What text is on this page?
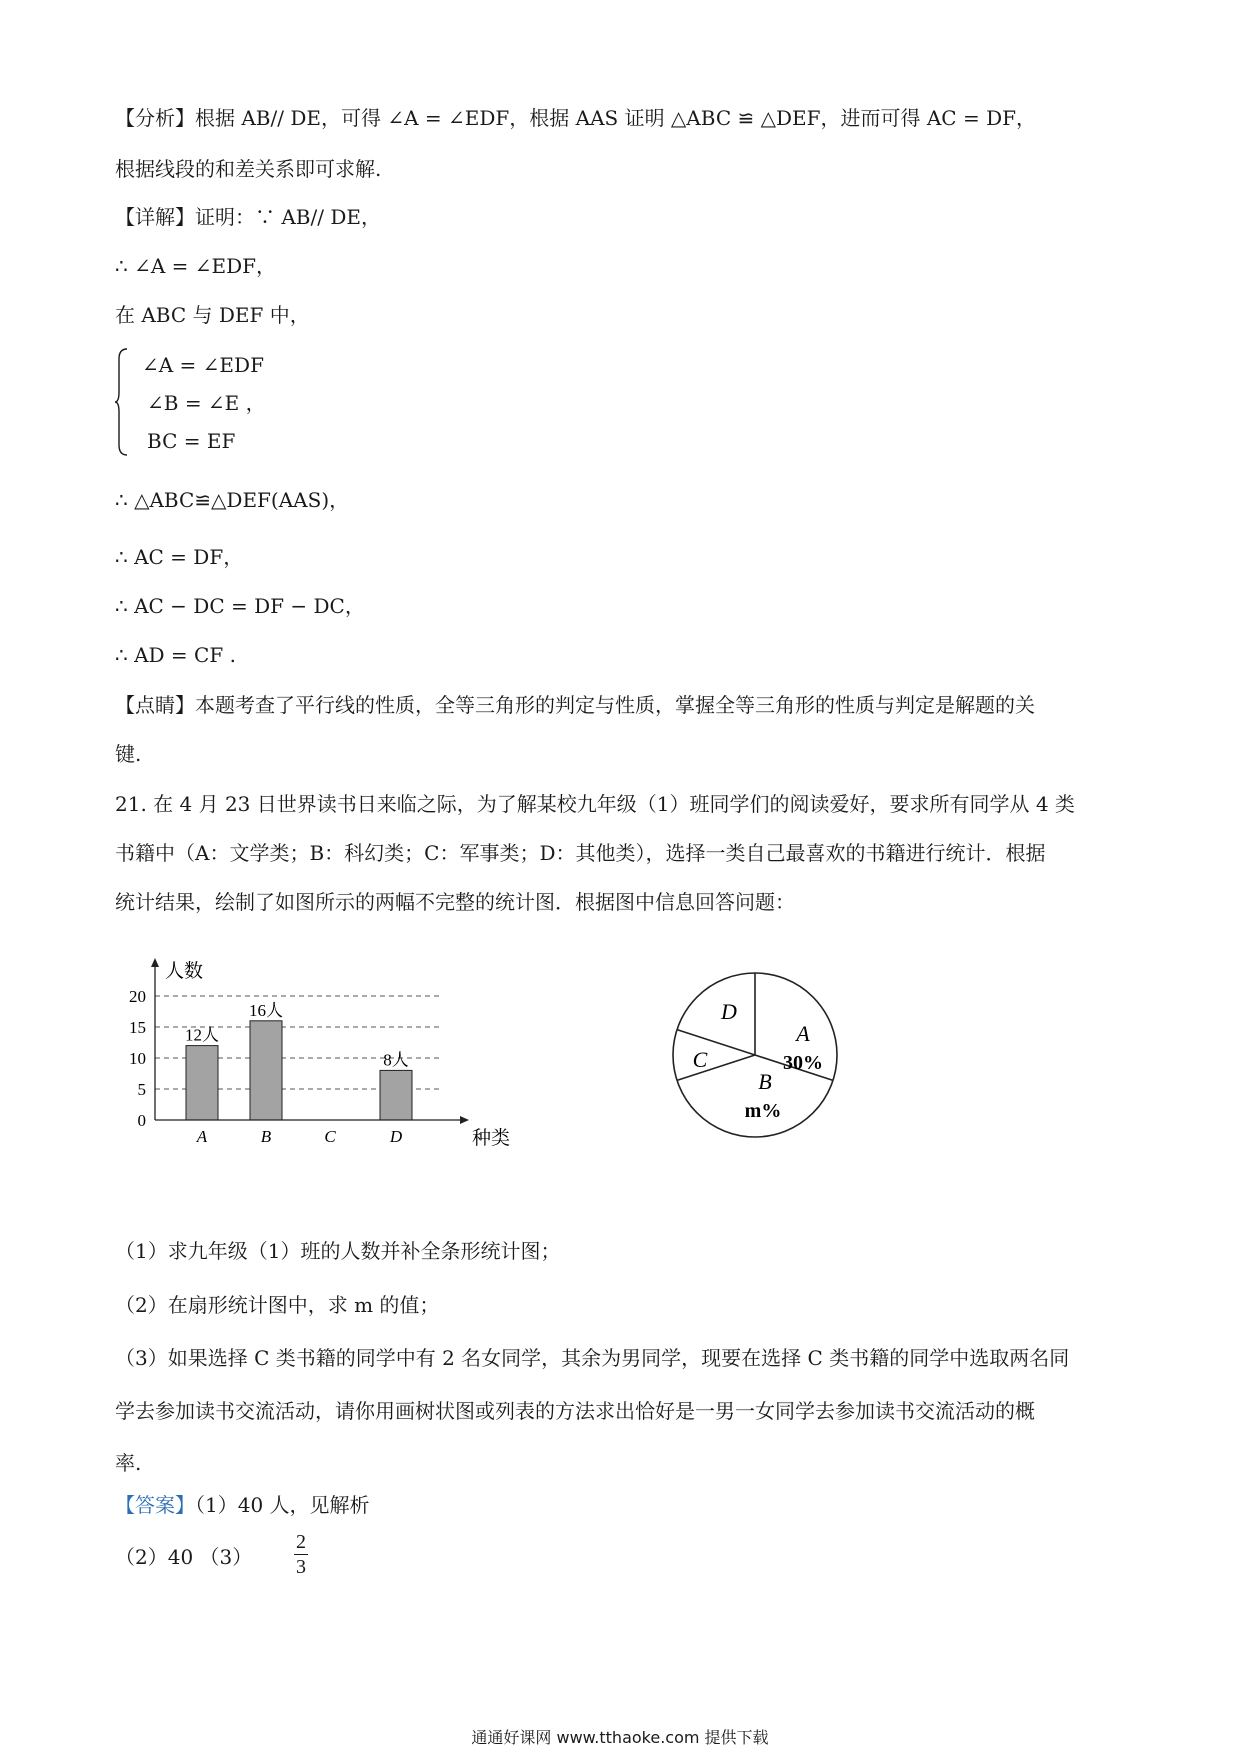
【分析】根据 AB// DE，可得 ∠A = ∠EDF，根据 AAS 证明 △ABC ≌ △DEF，进而可得 AC = DF，
根据线段的和差关系即可求解.
【详解】证明：∵ AB// DE，
∴ ∠A = ∠EDF，
在 ABC 与 DEF 中，
∠A = ∠EDF
∠B = ∠E ，
BC = EF
∴ △ABC≌△DEF(AAS)，
∴ AC = DF，
∴ AC − DC = DF − DC，
∴ AD = CF .
【点睛】本题考查了平行线的性质，全等三角形的判定与性质，掌握全等三角形的性质与判定是解题的关
键.
21. 在 4 月 23 日世界读书日来临之际，为了解某校九年级（1）班同学们的阅读爱好，要求所有同学从 4 类
书籍中（A：文学类；B：科幻类；C：军事类；D：其他类），选择一类自己最喜欢的书籍进行统计．根据
统计结果，绘制了如图所示的两幅不完整的统计图．根据图中信息回答问题：
（1）求九年级（1）班的人数并补全条形统计图；
（2）在扇形统计图中，求 m 的值；
（3）如果选择 C 类书籍的同学中有 2 名女同学，其余为男同学，现要在选择 C 类书籍的同学中选取两名同
学去参加读书交流活动，请你用画树状图或列表的方法求出恰好是一男一女同学去参加读书交流活动的概
率.
（2）40 （3）
0
5
10
15
20
12人
A
16人
B	C
8人
D
人数
种类
A
30%
B
m%
C
D
【答案】（1）40 人，见解析
2
3
通通好课网 www.tthaoke.com 提供下载
